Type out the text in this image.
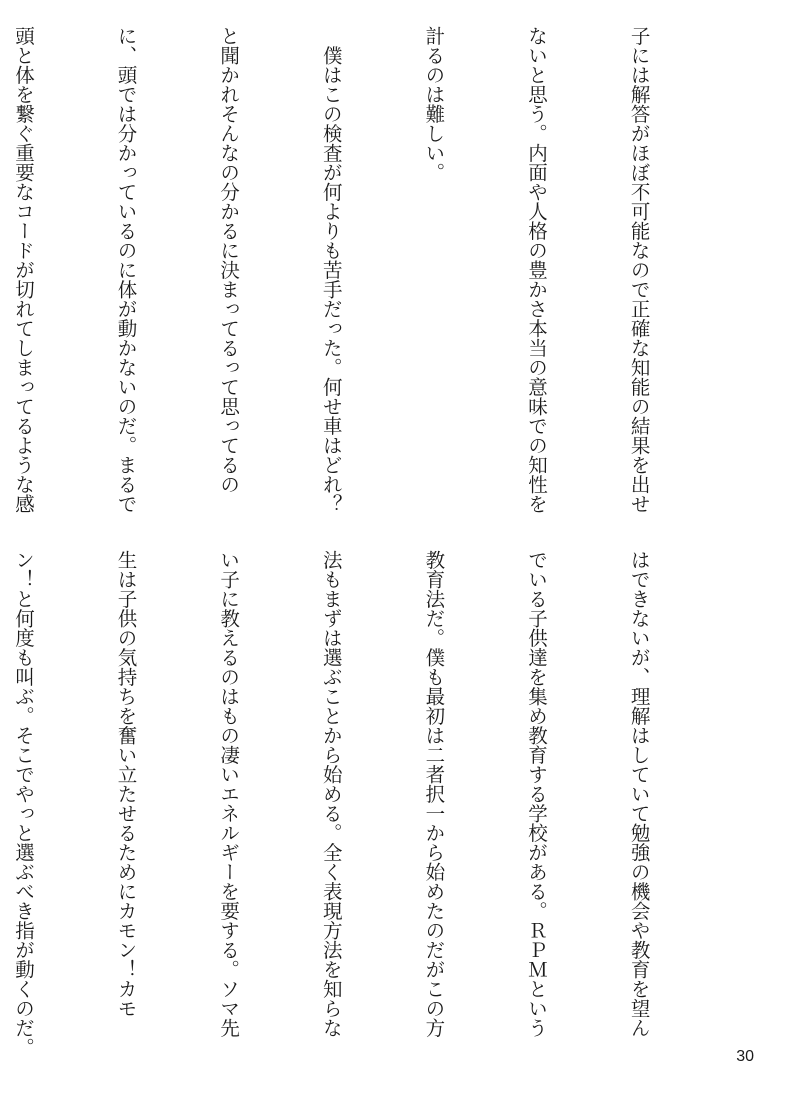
子には解答がほぼ不可能なので正確な知能の結果を出せ

ないと思う。内面や人格の豊かさ本当の意味での知性を

計るのは難しい。

　僕はこの検査が何よりも苦手だった。何せ車はどれ？

と聞かれそんなの分かるに決まってるって思ってるの

に、頭では分かっているのに体が動かないのだ。まるで

頭と体を繋ぐ重要なコードが切れてしまってるような感

はできないが、理解はしていて勉強の機会や教育を望ん

でいる子供達を集め教育する学校がある。ＲＰＭという

教育法だ。僕も最初は二者択一から始めたのだがこの方

法もまずは選ぶことから始める。全く表現方法を知らな

い子に教えるのはもの凄いエネルギーを要する。ソマ先

生は子供の気持ちを奮い立たせるためにカモン！カモ

ン！と何度も叫ぶ。そこでやっと選ぶべき指が動くのだ。

	30
